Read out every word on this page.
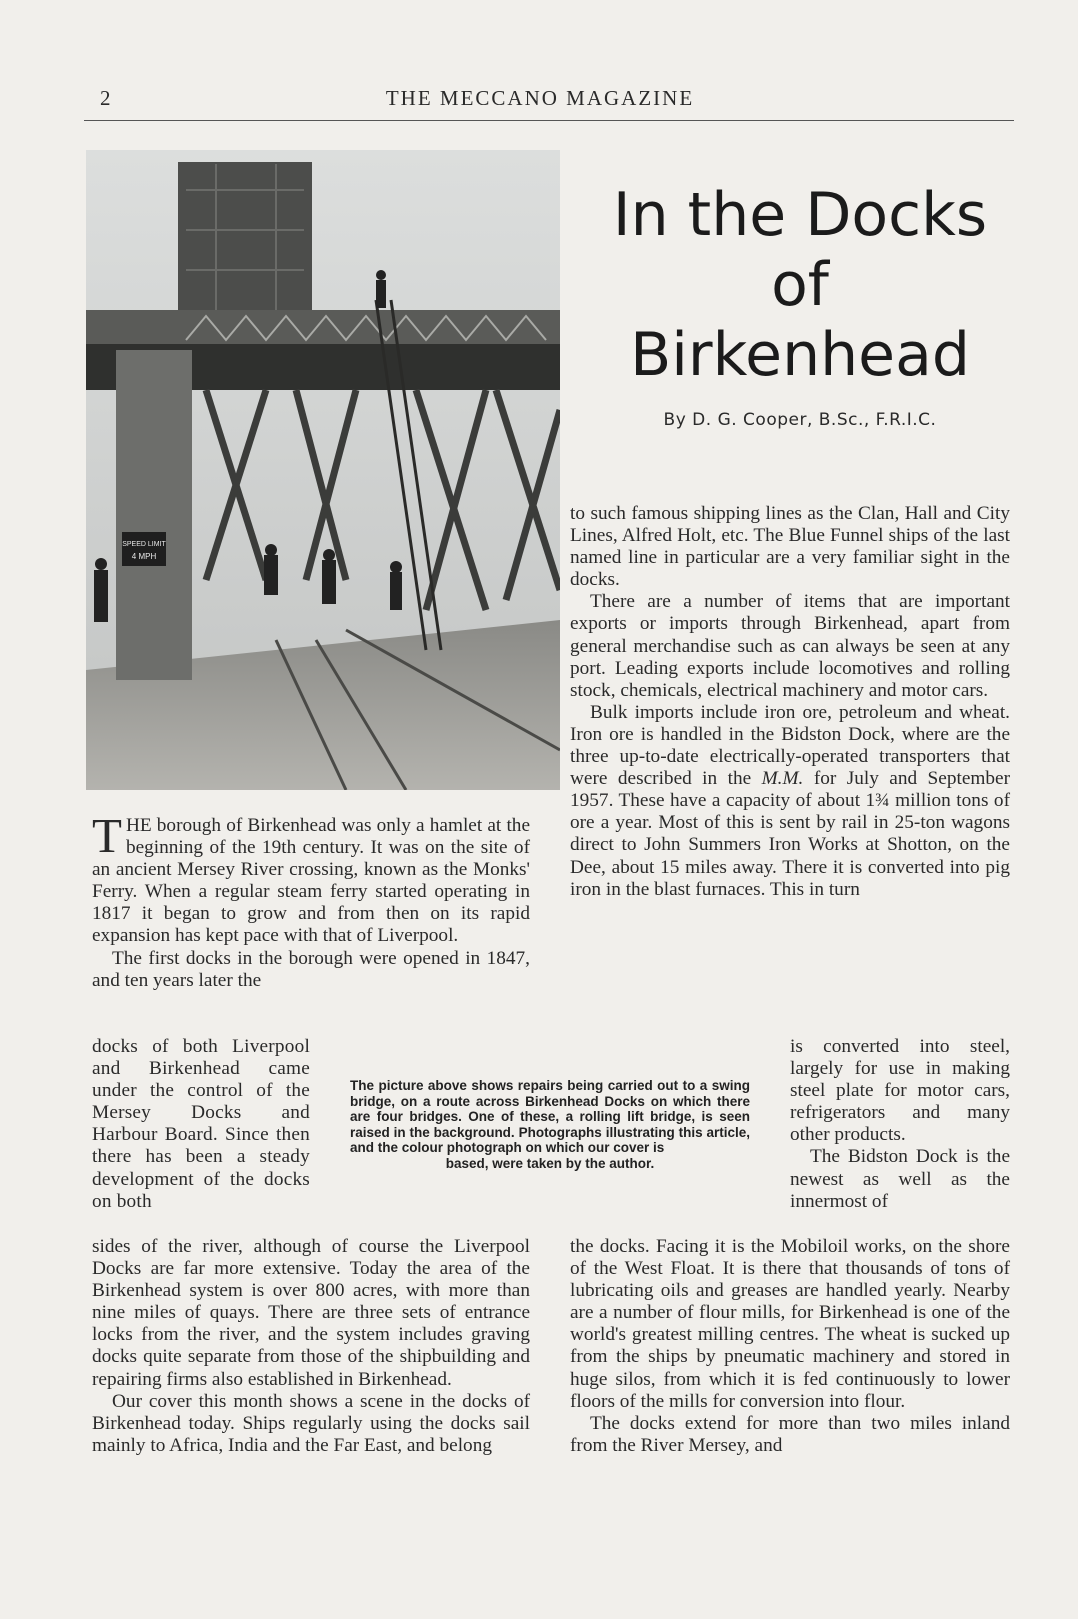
2	THE MECCANO MAGAZINE
SPEED LIMIT
4 MPH
In the Docks
of
Birkenhead
By D. G. Cooper, B.Sc., F.R.I.C.

THE borough of Birkenhead was only a hamlet at the beginning of the 19th century. It was on the site of an ancient Mersey River crossing, known as the Monks' Ferry. When a regular steam ferry started operating in 1817 it began to grow and from then on its rapid expansion has kept pace with that of Liverpool.

The first docks in the borough were opened in 1847, and ten years later the

docks of both Liverpool and Birkenhead came under the control of the Mersey Docks and Harbour Board. Since then there has been a steady development of the docks on both

The picture above shows repairs being carried out to a swing bridge, on a route across Birkenhead Docks on which there are four bridges. One of these, a rolling lift bridge, is seen raised in the background. Photographs illustrating this article, and the colour photograph on which our cover is
based, were taken by the author.

sides of the river, although of course the Liverpool Docks are far more extensive. Today the area of the Birkenhead system is over 800 acres, with more than nine miles of quays. There are three sets of entrance locks from the river, and the system includes graving docks quite separate from those of the shipbuilding and repairing firms also established in Birkenhead.

Our cover this month shows a scene in the docks of Birkenhead today. Ships regularly using the docks sail mainly to Africa, India and the Far East, and belong

to such famous shipping lines as the Clan, Hall and City Lines, Alfred Holt, etc. The Blue Funnel ships of the last named line in particular are a very familiar sight in the docks.

There are a number of items that are important exports or imports through Birkenhead, apart from general merchandise such as can always be seen at any port. Leading exports include locomotives and rolling stock, chemicals, electrical machinery and motor cars.

Bulk imports include iron ore, petroleum and wheat. Iron ore is handled in the Bidston Dock, where are the three up-to-date electrically-operated transporters that were described in the M.M. for July and September 1957. These have a capacity of about 1¾ million tons of ore a year. Most of this is sent by rail in 25-ton wagons direct to John Summers Iron Works at Shotton, on the Dee, about 15 miles away. There it is converted into pig iron in the blast furnaces. This in turn

is converted into steel, largely for use in making steel plate for motor cars, refrigerators and many other products.

The Bidston Dock is the newest as well as the innermost of

the docks. Facing it is the Mobiloil works, on the shore of the West Float. It is there that thousands of tons of lubricating oils and greases are handled yearly. Nearby are a number of flour mills, for Birkenhead is one of the world's greatest milling centres. The wheat is sucked up from the ships by pneumatic machinery and stored in huge silos, from which it is fed continuously to lower floors of the mills for conversion into flour.

The docks extend for more than two miles inland from the River Mersey, and
